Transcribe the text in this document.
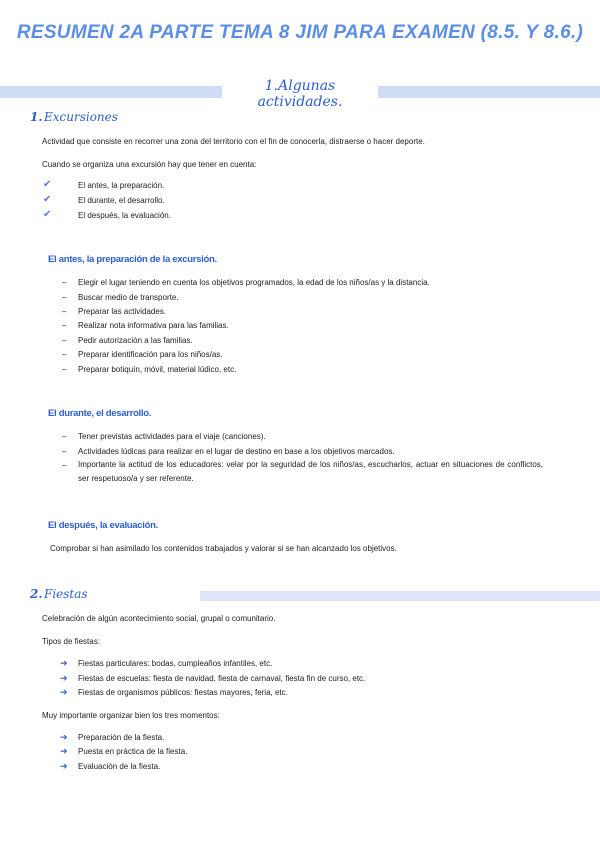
RESUMEN 2A PARTE TEMA 8 JIM PARA EXAMEN (8.5. Y 8.6.)
1.Algunas actividades.
1. Excursiones
Actividad que consiste en recorrer una zona del territorio con el fin de conocerla, distraerse o hacer deporte.
Cuando se organiza una excursión hay que tener en cuenta:
✔	El antes, la preparación.
✔	El durante, el desarrollo.
✔	El después, la evaluación.
El antes, la preparación de la excursión.
– Elegir el lugar teniendo en cuenta los objetivos programados, la edad de los niños/as y la distancia.
– Buscar medio de transporte.
– Preparar las actividades.
– Realizar nota informativa para las familias.
– Pedir autorización a las familias.
– Preparar identificación para los niños/as.
– Preparar botiquín, móvil, material lúdico, etc.
El durante, el desarrollo.
– Tener previstas actividades para el viaje (canciones).
– Actividades lúdicas para realizar en el lugar de destino en base a los objetivos marcados.
– Importante la actitud de los educadores: velar por la seguridad de los niños/as, escucharlos, actuar en situaciones de conflictos, ser respetuoso/a y ser referente.
El después, la evaluación.
Comprobar si han asimilado los contenidos trabajados y valorar si se han alcanzado los objetivos.
2. Fiestas
Celebración de algún acontecimiento social, grupal o comunitario.
Tipos de fiestas:
➔ Fiestas particulares: bodas, cumpleaños infantiles, etc.
➔ Fiestas de escuelas: fiesta de navidad, fiesta de carnaval, fiesta fin de curso, etc.
➔ Fiestas de organismos públicos: fiestas mayores, feria, etc.
Muy importante organizar bien los tres momentos:
➔ Preparación de la fiesta.
➔ Puesta en práctica de la fiesta.
➔ Evaluación de la fiesta.
